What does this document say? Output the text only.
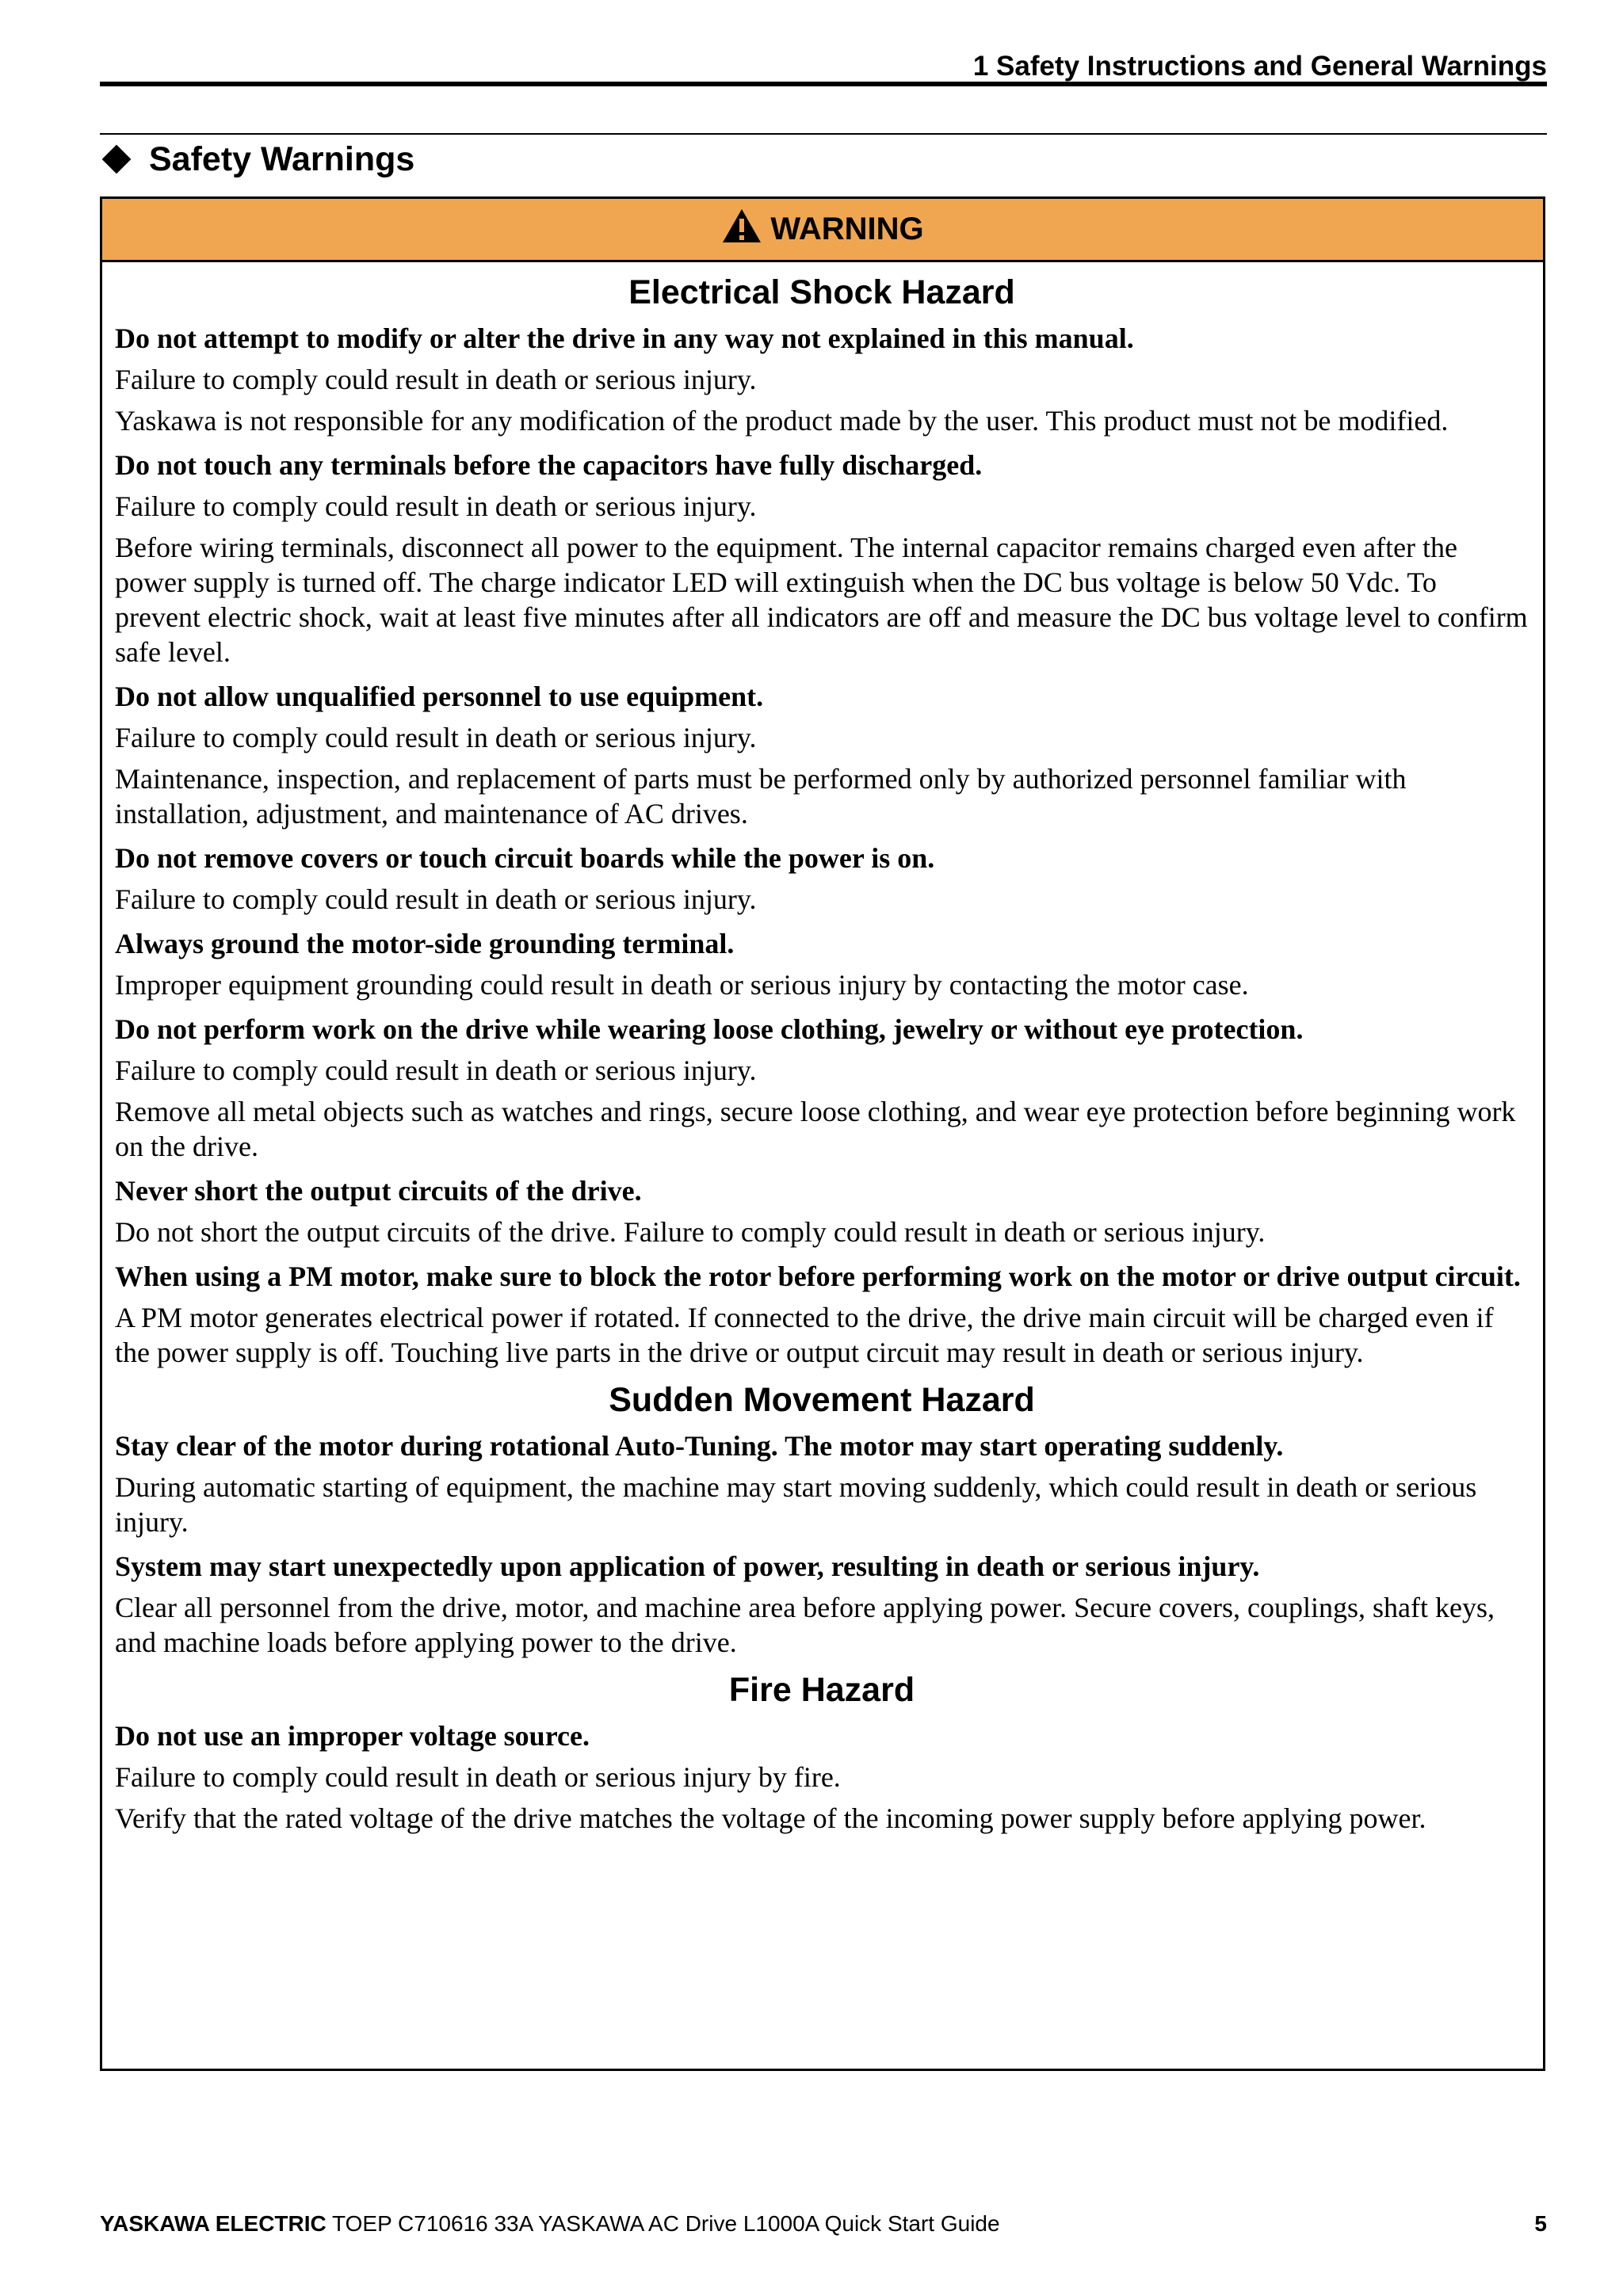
1 Safety Instructions and General Warnings
Safety Warnings
WARNING
Electrical Shock Hazard

Do not attempt to modify or alter the drive in any way not explained in this manual.

Failure to comply could result in death or serious injury.

Yaskawa is not responsible for any modification of the product made by the user. This product must not be modified.

Do not touch any terminals before the capacitors have fully discharged.

Failure to comply could result in death or serious injury.

Before wiring terminals, disconnect all power to the equipment. The internal capacitor remains charged even after the power supply is turned off. The charge indicator LED will extinguish when the DC bus voltage is below 50 Vdc. To prevent electric shock, wait at least five minutes after all indicators are off and measure the DC bus voltage level to confirm safe level.

Do not allow unqualified personnel to use equipment.

Failure to comply could result in death or serious injury.

Maintenance, inspection, and replacement of parts must be performed only by authorized personnel familiar with installation, adjustment, and maintenance of AC drives.

Do not remove covers or touch circuit boards while the power is on.

Failure to comply could result in death or serious injury.

Always ground the motor-side grounding terminal.

Improper equipment grounding could result in death or serious injury by contacting the motor case.

Do not perform work on the drive while wearing loose clothing, jewelry or without eye protection.

Failure to comply could result in death or serious injury.

Remove all metal objects such as watches and rings, secure loose clothing, and wear eye protection before beginning work on the drive.

Never short the output circuits of the drive.

Do not short the output circuits of the drive. Failure to comply could result in death or serious injury.

When using a PM motor, make sure to block the rotor before performing work on the motor or drive output circuit.

A PM motor generates electrical power if rotated. If connected to the drive, the drive main circuit will be charged even if the power supply is off. Touching live parts in the drive or output circuit may result in death or serious injury.

Sudden Movement Hazard

Stay clear of the motor during rotational Auto-Tuning. The motor may start operating suddenly.

During automatic starting of equipment, the machine may start moving suddenly, which could result in death or serious injury.

System may start unexpectedly upon application of power, resulting in death or serious injury.

Clear all personnel from the drive, motor, and machine area before applying power. Secure covers, couplings, shaft keys, and machine loads before applying power to the drive.

Fire Hazard

Do not use an improper voltage source.

Failure to comply could result in death or serious injury by fire.

Verify that the rated voltage of the drive matches the voltage of the incoming power supply before applying power.

YASKAWA ELECTRIC TOEP C710616 33A YASKAWA AC Drive L1000A Quick Start Guide	5
